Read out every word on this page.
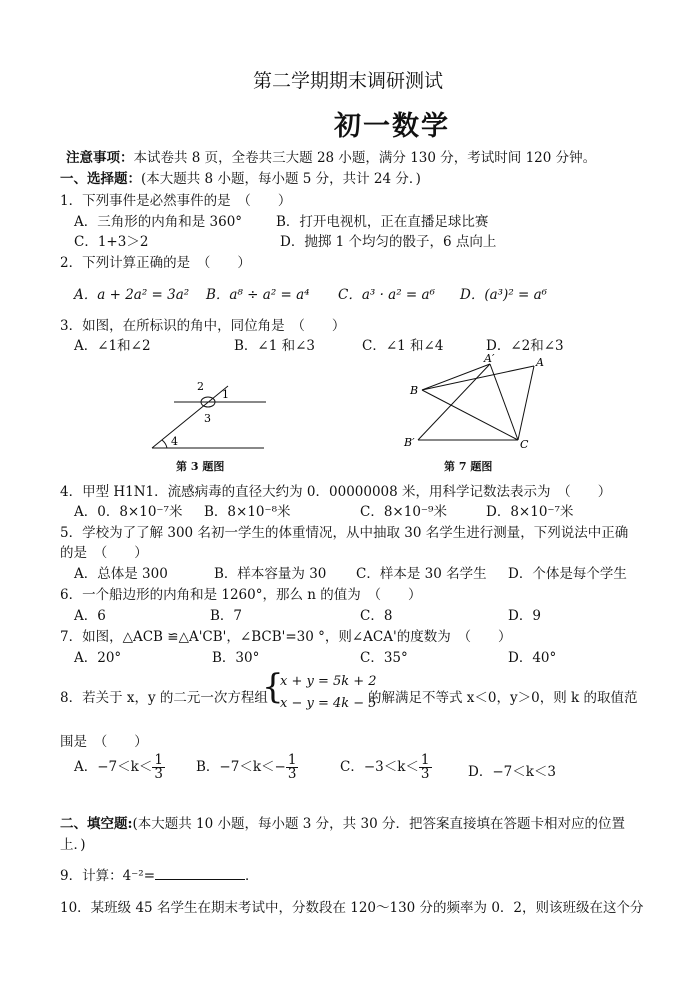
第二学期期末调研测试
初一数学
注意事项：本试卷共 8 页，全卷共三大题 28 小题，满分 130 分，考试时间 120 分钟。
一、选择题：(本大题共 8 小题，每小题 5 分，共计 24 分．)
1．下列事件是必然事件的是　（　　）
A．三角形的内角和是 360°	B．打开电视机，正在直播足球比赛
C．1+3＞2	D．抛掷 1 个均匀的骰子，6 点向上
2．下列计算正确的是　（　　）
A．a + 2a² = 3a² B．a⁸ ÷ a² = a⁴ C．a³ · a² = a⁶ D．(a³)² = a⁶
3．如图，在所标识的角中，同位角是　（　　）
A．∠1和∠2	B．∠1 和∠3	C．∠1 和∠4	D．∠2和∠3
2
1
3
4
第 3 题图
A′	A
B
B′	C
第 7 题图
4．甲型 H1N1．流感病毒的直径大约为 0．00000008 米，用科学记数法表示为　（　　）
A．0．8×10⁻⁷米 B．8×10⁻⁸米	C．8×10⁻⁹米	D．8×10⁻⁷米
5．学校为了了解 300 名初一学生的体重情况，从中抽取 30 名学生进行测量，下列说法中正确
的是　（　　）
A．总体是 300	B．样本容量为 30 C．样本是 30 名学生 D．个体是每个学生
6．一个船边形的内角和是 1260°，那么 n 的值为　（　　）
A．6	B．7	C．8	D．9
7．如图，△ACB ≌△A'CB'，∠BCB'=30 °，则∠ACA'的度数为　（　　）
A．20°	B．30°	C．35°	D．40°
8．若关于 x，y 的二元一次方程组
{
x + y = 5k + 2
x − y = 4k − 5
的解满足不等式 x＜0，y＞0，则 k 的取值范
围是　（　　）
A．$-7<k< \frac{1}{3}$ B．$-7<k<- \frac{1}{3}$	C．$-3<k< \frac{1}{3}$	D．−7＜k＜3
二、填空题:(本大题共 10 小题，每小题 3 分，共 30 分．把答案直接填在答题卡相对应的位置
上．)
9．计算：4⁻²=	．
10．某班级 45 名学生在期末考试中，分数段在 120～130 分的频率为 0．2，则该班级在这个分
